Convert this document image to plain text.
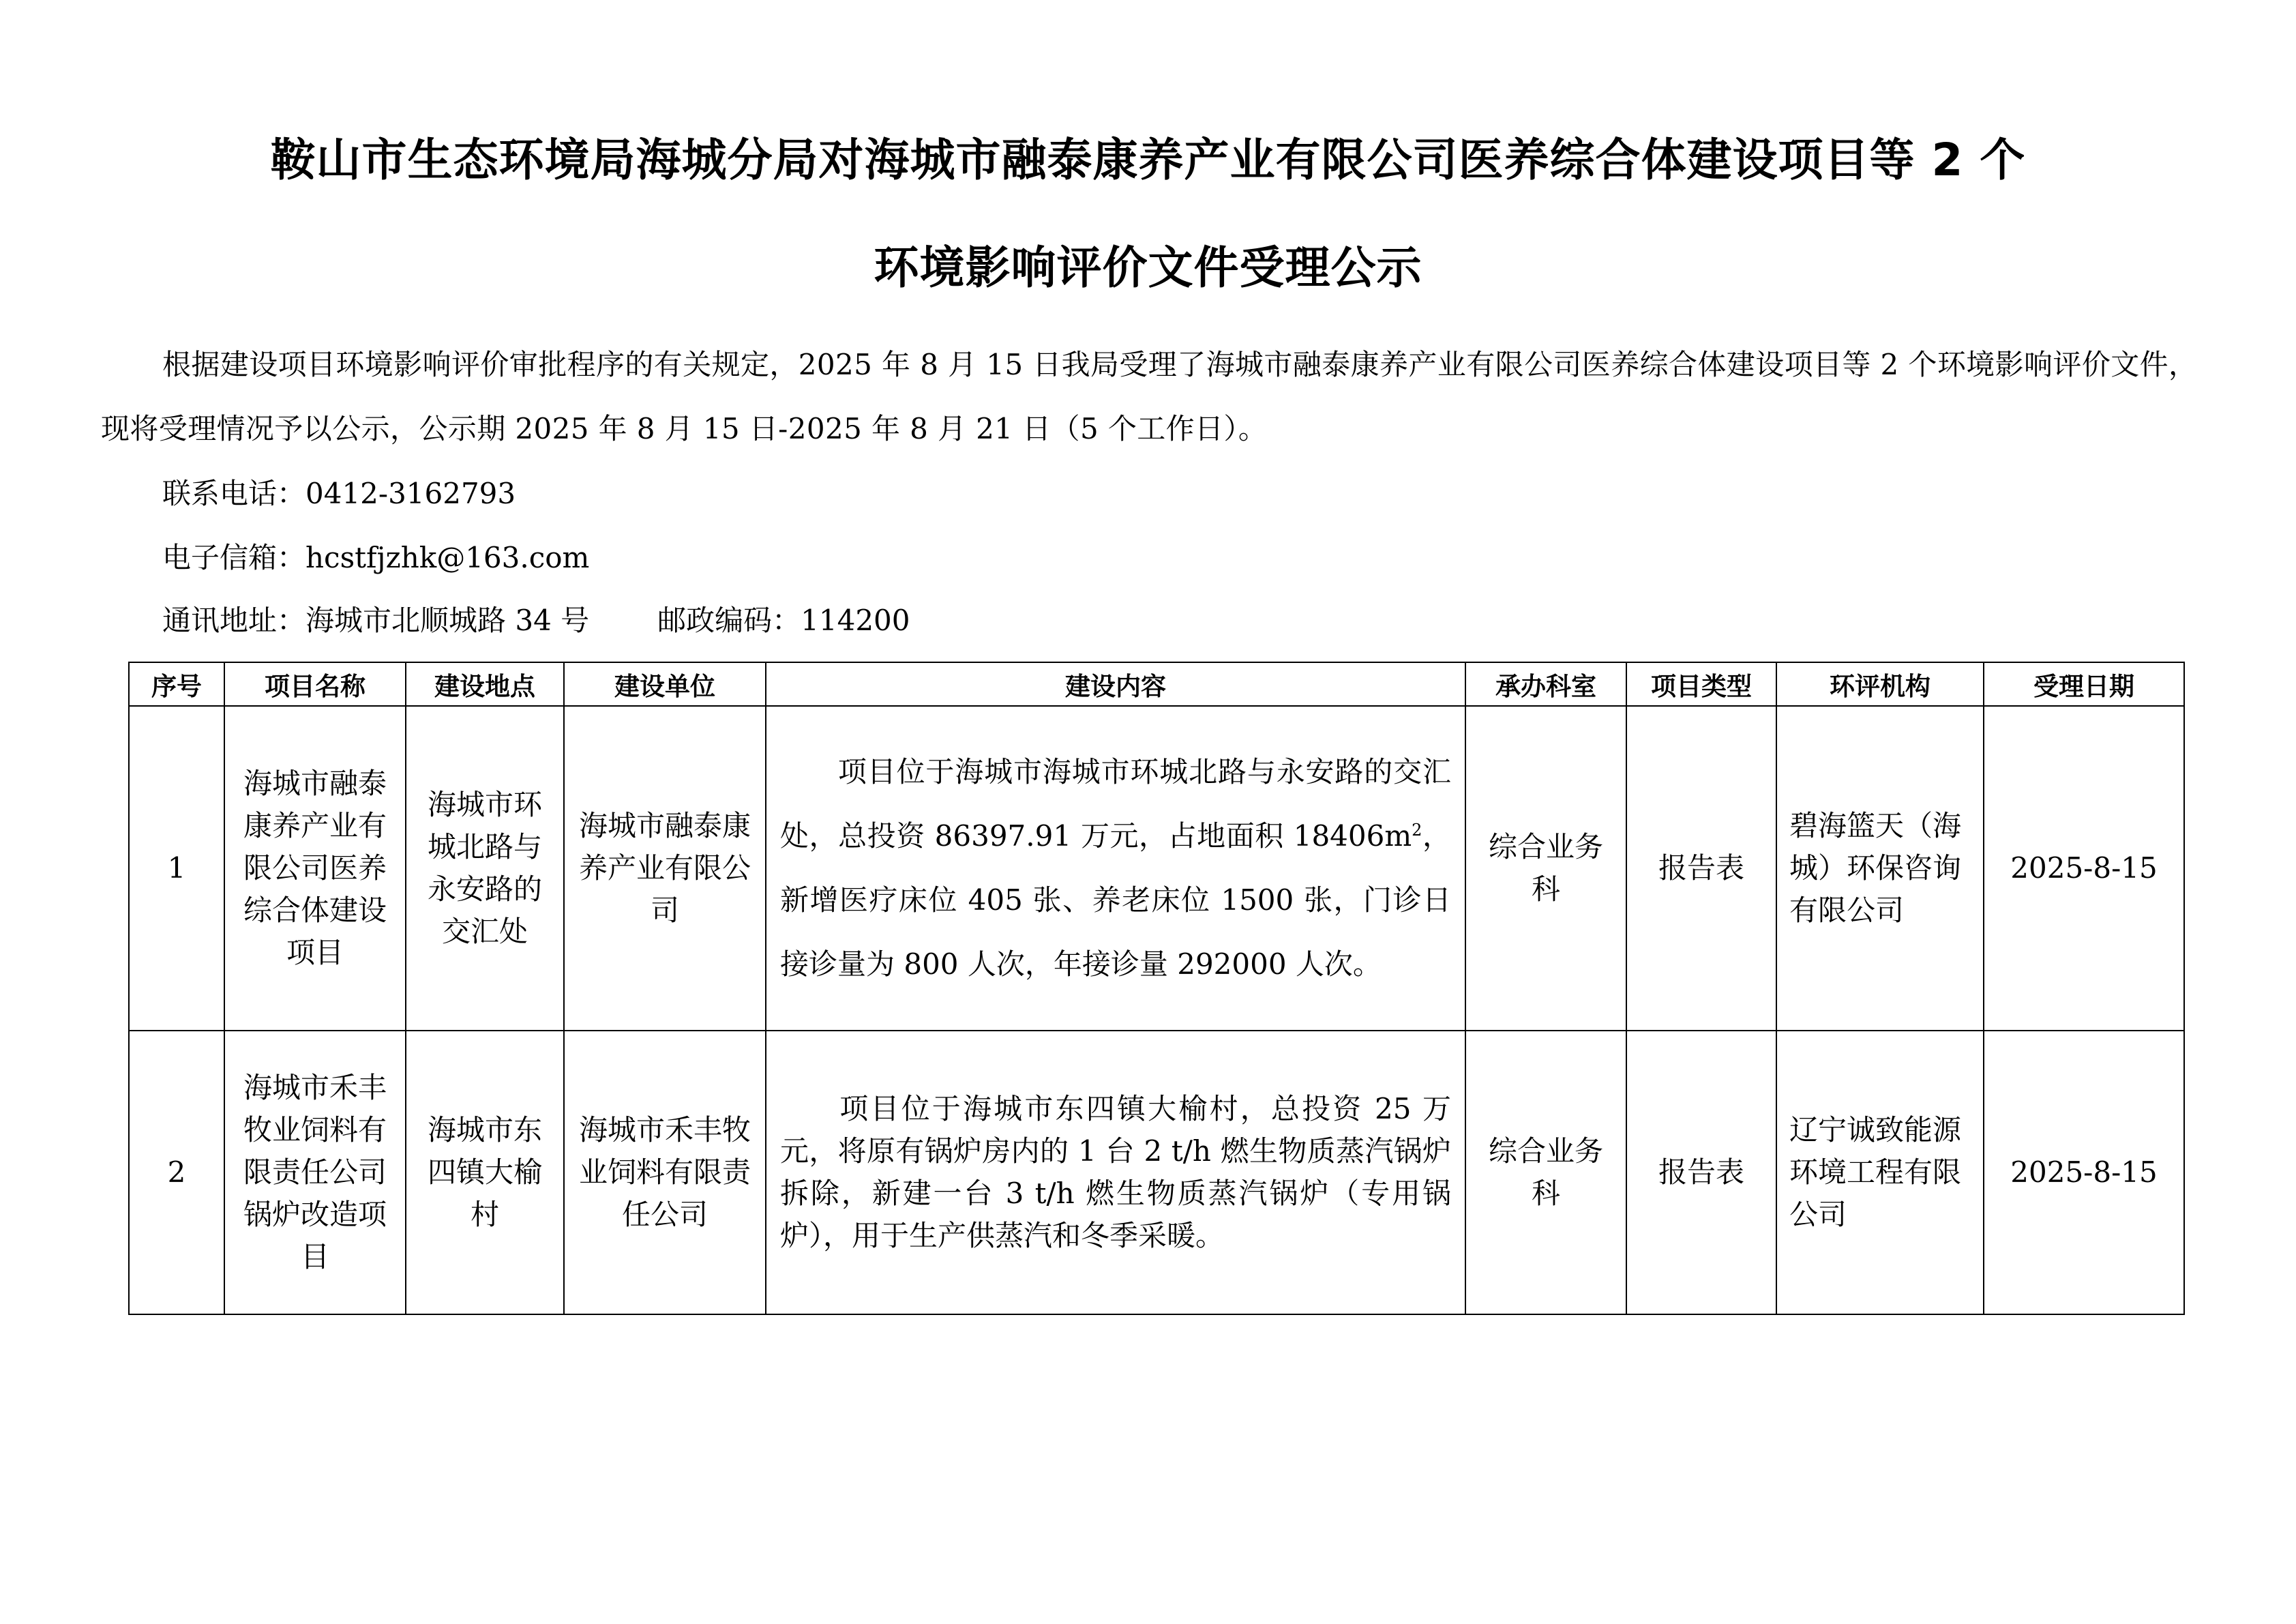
鞍山市生态环境局海城分局对海城市融泰康养产业有限公司医养综合体建设项目等 2 个
环境影响评价文件受理公示
根据建设项目环境影响评价审批程序的有关规定，2025 年 8 月 15 日我局受理了海城市融泰康养产业有限公司医养综合体建设项目等 2 个环境影响评价文件，现将受理情况予以公示，公示期 2025 年 8 月 15 日-2025 年 8 月 21 日（5 个工作日）。
联系电话：0412-3162793
电子信箱：hcstfjzhk@163.com
通讯地址：海城市北顺城路 34 号 邮政编码：114200
序号	项目名称	建设地点	建设单位	建设内容	承办科室	项目类型	环评机构	受理日期
1	海城市融泰康养产业有限公司医养综合体建设项目	海城市环城北路与永安路的交汇处	海城市融泰康养产业有限公司	项目位于海城市海城市环城北路与永安路的交汇处，总投资 86397.91 万元，占地面积 $18406m^2$，新增医疗床位 405 张、养老床位 1500 张，门诊日接诊量为 800 人次，年接诊量 292000 人次。	综合业务科	报告表	碧海篮天（海城）环保咨询有限公司	2025-8-15
2	海城市禾丰牧业饲料有限责任公司锅炉改造项目	海城市东四镇大榆村	海城市禾丰牧业饲料有限责任公司	项目位于海城市东四镇大榆村，总投资 25 万元，将原有锅炉房内的 1 台 2 t/h 燃生物质蒸汽锅炉拆除，新建一台 3 t/h 燃生物质蒸汽锅炉（专用锅炉），用于生产供蒸汽和冬季采暖。	综合业务科	报告表	辽宁诚致能源环境工程有限公司	2025-8-15
